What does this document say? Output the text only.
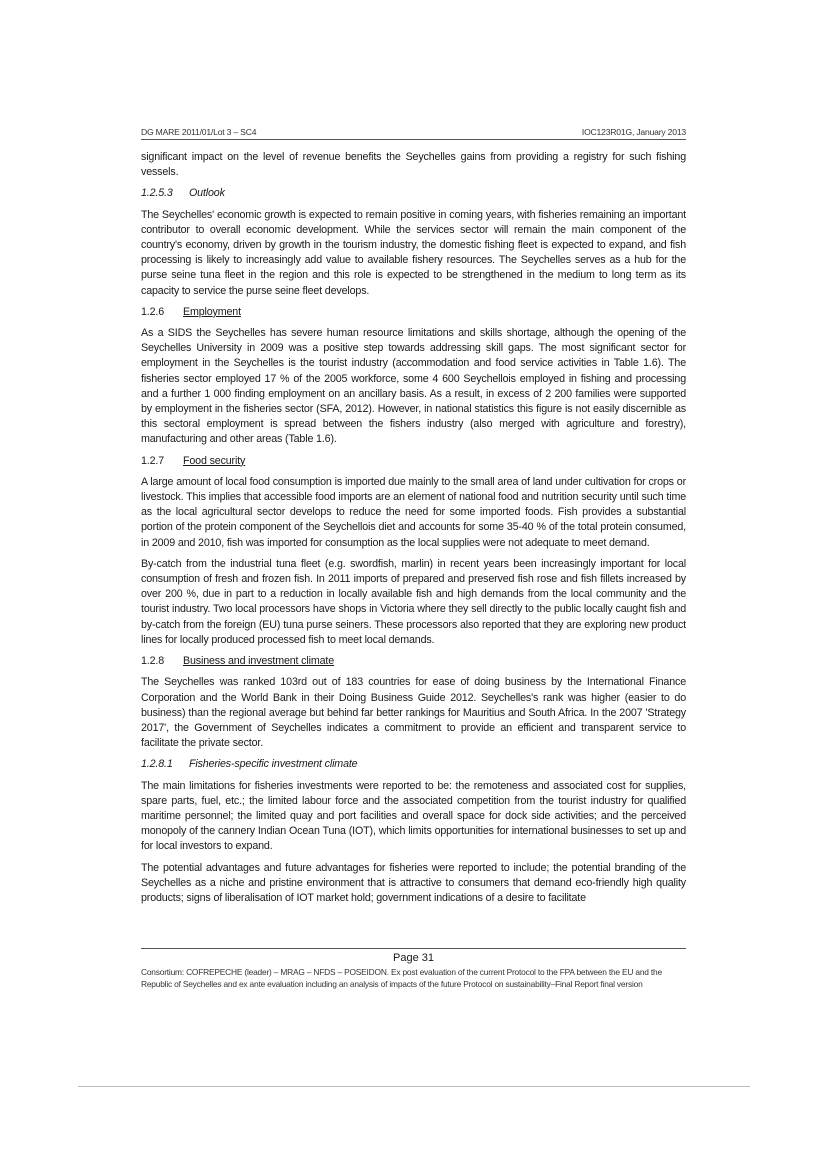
DG MARE 2011/01/Lot 3 – SC4	IOC123R01G, January 2013

significant impact on the level of revenue benefits the Seychelles gains from providing a registry for such fishing vessels.

1.2.5.3 Outlook

The Seychelles' economic growth is expected to remain positive in coming years, with fisheries remaining an important contributor to overall economic development. While the services sector will remain the main component of the country's economy, driven by growth in the tourism industry, the domestic fishing fleet is expected to expand, and fish processing is likely to increasingly add value to available fishery resources. The Seychelles serves as a hub for the purse seine tuna fleet in the region and this role is expected to be strengthened in the medium to long term as its capacity to service the purse seine fleet develops.

1.2.6 Employment

As a SIDS the Seychelles has severe human resource limitations and skills shortage, although the opening of the Seychelles University in 2009 was a positive step towards addressing skill gaps. The most significant sector for employment in the Seychelles is the tourist industry (accommodation and food service activities in Table 1.6). The fisheries sector employed 17 % of the 2005 workforce, some 4 600 Seychellois employed in fishing and processing and a further 1 000 finding employment on an ancillary basis. As a result, in excess of 2 200 families were supported by employment in the fisheries sector (SFA, 2012). However, in national statistics this figure is not easily discernible as this sectoral employment is spread between the fishers industry (also merged with agriculture and forestry), manufacturing and other areas (Table 1.6).

1.2.7 Food security

A large amount of local food consumption is imported due mainly to the small area of land under cultivation for crops or livestock. This implies that accessible food imports are an element of national food and nutrition security until such time as the local agricultural sector develops to reduce the need for some imported foods. Fish provides a substantial portion of the protein component of the Seychellois diet and accounts for some 35-40 % of the total protein consumed, in 2009 and 2010, fish was imported for consumption as the local supplies were not adequate to meet demand.

By-catch from the industrial tuna fleet (e.g. swordfish, marlin) in recent years been increasingly important for local consumption of fresh and frozen fish. In 2011 imports of prepared and preserved fish rose and fish fillets increased by over 200 %, due in part to a reduction in locally available fish and high demands from the local community and the tourist industry. Two local processors have shops in Victoria where they sell directly to the public locally caught fish and by-catch from the foreign (EU) tuna purse seiners. These processors also reported that they are exploring new product lines for locally produced processed fish to meet local demands.

1.2.8 Business and investment climate

The Seychelles was ranked 103rd out of 183 countries for ease of doing business by the International Finance Corporation and the World Bank in their Doing Business Guide 2012. Seychelles's rank was higher (easier to do business) than the regional average but behind far better rankings for Mauritius and South Africa. In the 2007 'Strategy 2017', the Government of Seychelles indicates a commitment to provide an efficient and transparent service to facilitate the private sector.

1.2.8.1 Fisheries-specific investment climate

The main limitations for fisheries investments were reported to be: the remoteness and associated cost for supplies, spare parts, fuel, etc.; the limited labour force and the associated competition from the tourist industry for qualified maritime personnel; the limited quay and port facilities and overall space for dock side activities; and the perceived monopoly of the cannery Indian Ocean Tuna (IOT), which limits opportunities for international businesses to set up and for local investors to expand.

The potential advantages and future advantages for fisheries were reported to include; the potential branding of the Seychelles as a niche and pristine environment that is attractive to consumers that demand eco-friendly high quality products; signs of liberalisation of IOT market hold; government indications of a desire to facilitate

Page 31
Consortium: COFREPECHE (leader) – MRAG – NFDS – POSEIDON. Ex post evaluation of the current Protocol to the FPA between the EU and the Republic of Seychelles and ex ante evaluation including an analysis of impacts of the future Protocol on sustainability–Final Report final version
